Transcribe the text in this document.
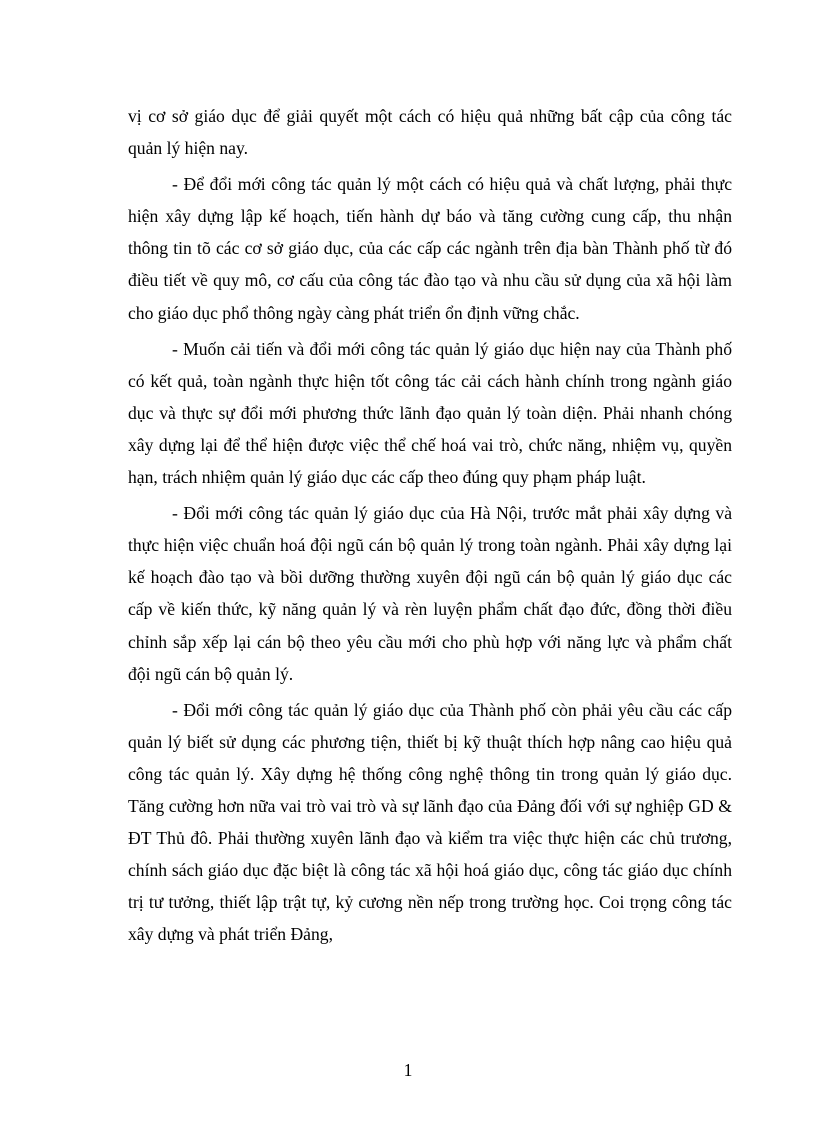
vị cơ sở giáo dục để giải quyết một cách có hiệu quả những bất cập của công tác quản lý hiện nay.

- Để đổi mới công tác quản lý một cách có hiệu quả và chất lượng, phải thực hiện xây dựng lập kế hoạch, tiến hành dự báo và tăng cường cung cấp, thu nhận thông tin tõ các cơ sở giáo dục, của các cấp các ngành trên địa bàn Thành phố từ đó điều tiết về quy mô, cơ cấu của công tác đào tạo và nhu cầu sử dụng của xã hội làm cho giáo dục phổ thông ngày càng phát triển ổn định vững chắc.

- Muốn cải tiến và đổi mới công tác quản lý giáo dục hiện nay của Thành phố có kết quả, toàn ngành thực hiện tốt công tác cải cách hành chính trong ngành giáo dục và thực sự đổi mới phương thức lãnh đạo quản lý toàn diện. Phải nhanh chóng xây dựng lại để thể hiện được việc thể chế hoá vai trò, chức năng, nhiệm vụ, quyền hạn, trách nhiệm quản lý giáo dục các cấp theo đúng quy phạm pháp luật.

- Đổi mới công tác quản lý giáo dục của Hà Nội, trước mắt phải xây dựng và thực hiện việc chuẩn hoá đội ngũ cán bộ quản lý trong toàn ngành. Phải xây dựng lại kế hoạch đào tạo và bồi dưỡng thường xuyên đội ngũ cán bộ quản lý giáo dục các cấp về kiến thức, kỹ năng quản lý và rèn luyện phẩm chất đạo đức, đồng thời điều chỉnh sắp xếp lại cán bộ theo yêu cầu mới cho phù hợp với năng lực và phẩm chất đội ngũ cán bộ quản lý.

- Đổi mới công tác quản lý giáo dục của Thành phố còn phải yêu cầu các cấp quản lý biết sử dụng các phương tiện, thiết bị kỹ thuật thích hợp nâng cao hiệu quả công tác quản lý. Xây dựng hệ thống công nghệ thông tin trong quản lý giáo dục. Tăng cường hơn nữa vai trò vai trò và sự lãnh đạo của Đảng đối với sự nghiệp GD & ĐT Thủ đô. Phải thường xuyên lãnh đạo và kiểm tra việc thực hiện các chủ trương, chính sách giáo dục đặc biệt là công tác xã hội hoá giáo dục, công tác giáo dục chính trị tư tưởng, thiết lập trật tự, kỷ cương nền nếp trong trường học. Coi trọng công tác xây dựng và phát triển Đảng,

1
